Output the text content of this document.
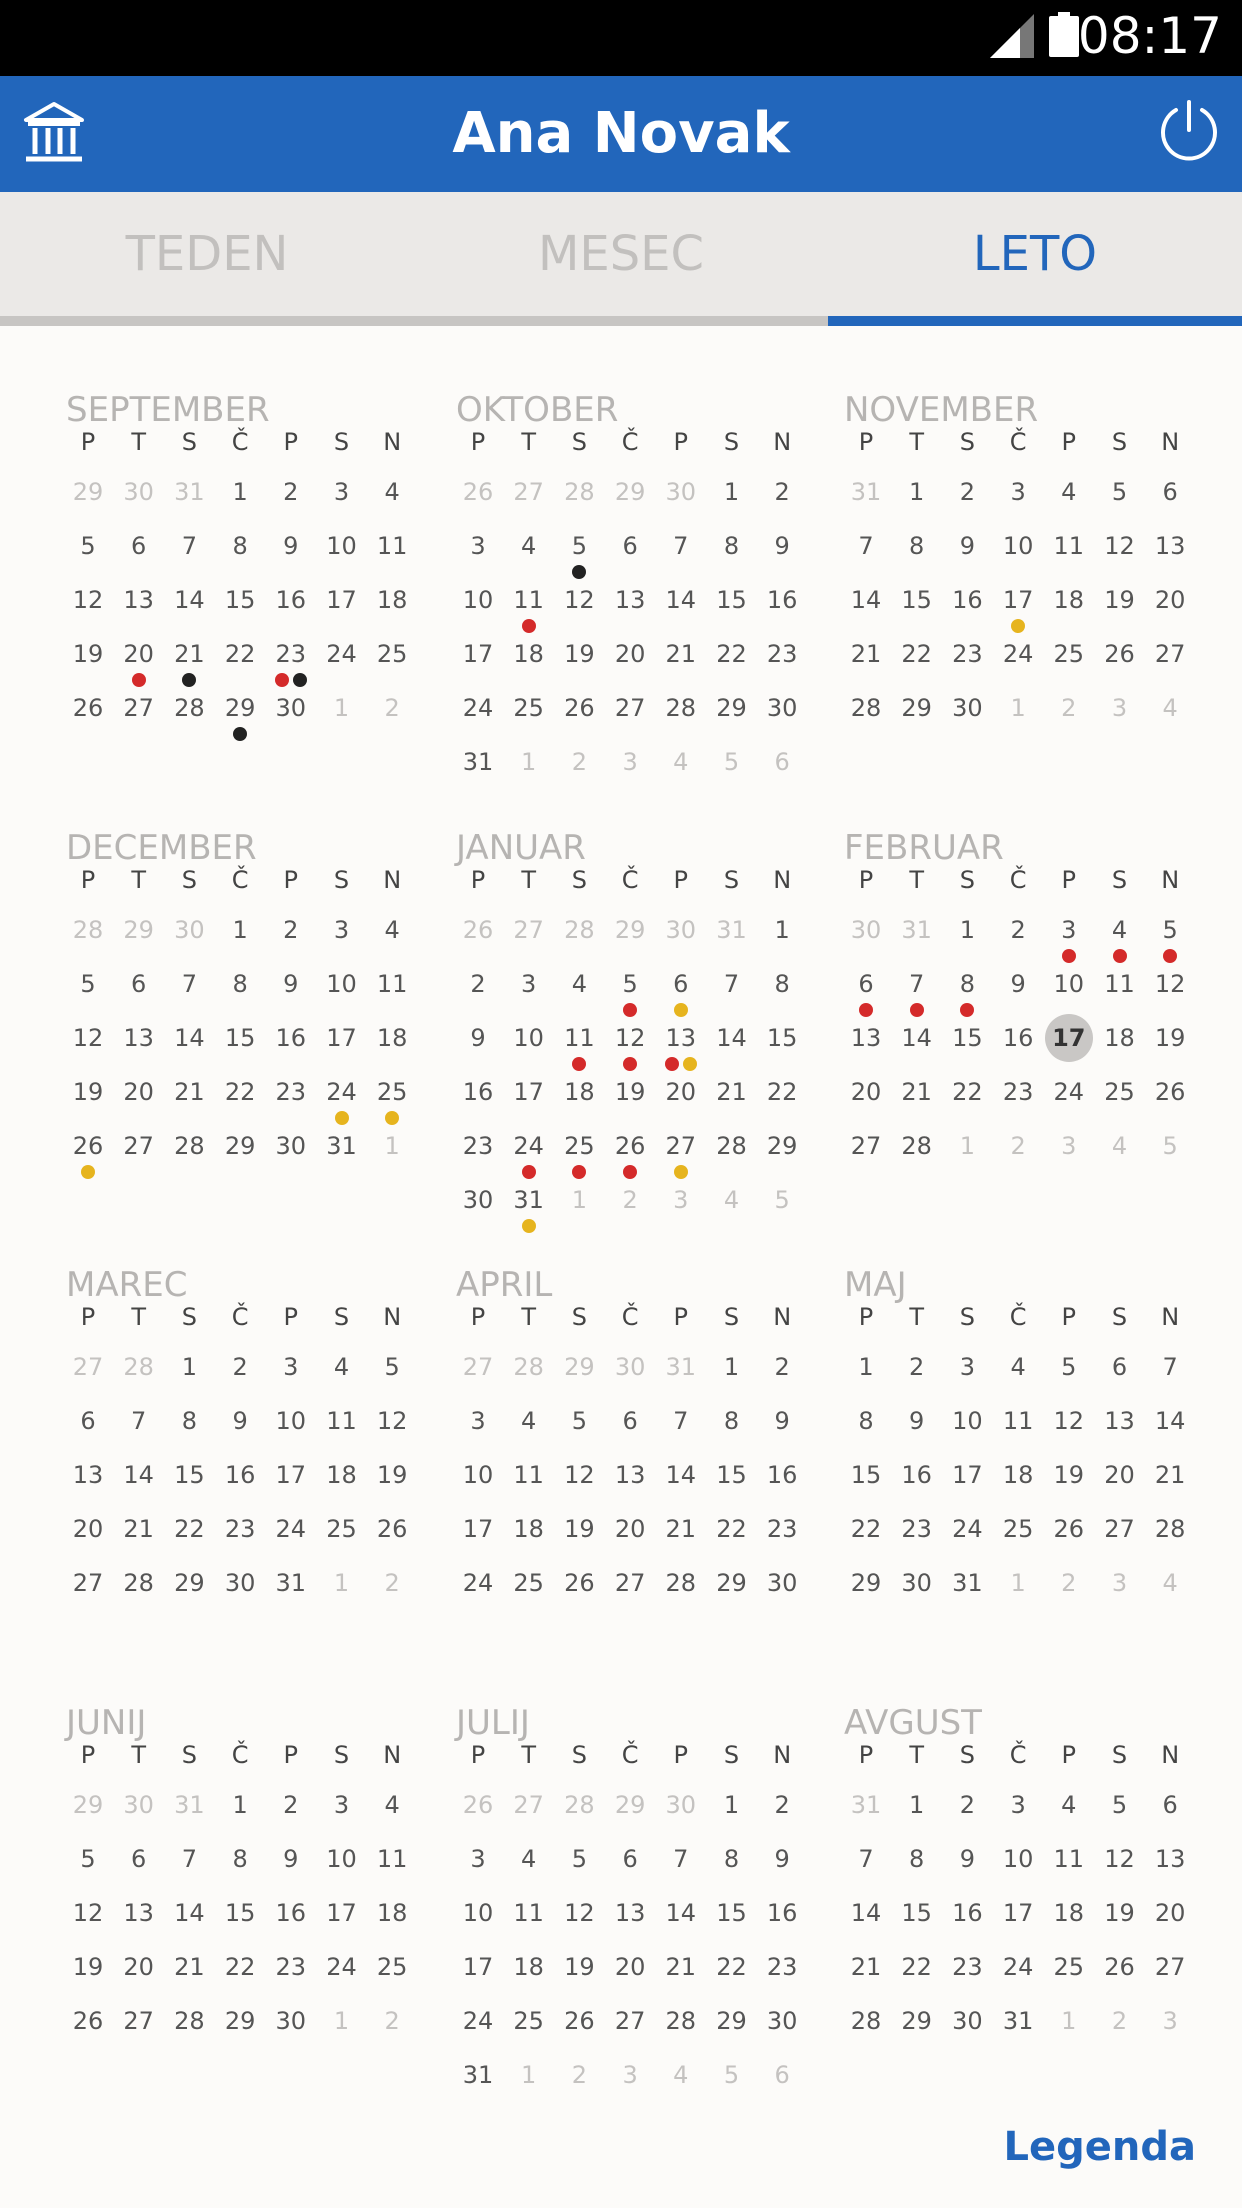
08:17
Ana Novak
TEDEN	MESEC	LETO
SEPTEMBER
P	T	S	Č	P	S	N
29 30 31	1	2	3	4
5	6	7	8	9	10 11
12 13 14 15 16 17 18
19 20 21 22 23 24 25
26 27 28 29 30	1	2
OKTOBER
P	T	S	Č	P	S	N
26 27 28 29 30	1	2
3	4	5	6	7	8	9
10 11 12 13 14 15 16
17 18 19 20 21 22 23
24 25 26 27 28 29 30
31	1	2	3	4	5	6
NOVEMBER
P	T	S	Č	P	S	N
31	1	2	3	4	5	6
7	8	9	10 11 12 13
14 15 16 17 18 19 20
21 22 23 24 25 26 27
28 29 30	1	2	3	4
DECEMBER
P	T	S	Č	P	S	N
28 29 30	1	2	3	4
5	6	7	8	9	10 11
12 13 14 15 16 17 18
19 20 21 22 23 24 25
26 27 28 29 30 31	1
JANUAR
P	T	S	Č	P	S	N
26 27 28 29 30 31	1
2	3	4	5	6	7	8
9	10 11 12 13 14 15
16 17 18 19 20 21 22
23 24 25 26 27 28 29
30 31	1	2	3	4	5
FEBRUAR
P	T	S	Č	P	S	N
30 31	1	2	3	4	5
6	7	8	9	10 11 12
13 14 15 16 17 18 19
20 21 22 23 24 25 26
27 28	1	2	3	4	5
MAREC
P	T	S	Č	P	S	N
27 28	1	2	3	4	5
6	7	8	9	10 11 12
13 14 15 16 17 18 19
20 21 22 23 24 25 26
27 28 29 30 31	1	2
APRIL
P	T	S	Č	P	S	N
27 28 29 30 31	1	2
3	4	5	6	7	8	9
10 11 12 13 14 15 16
17 18 19 20 21 22 23
24 25 26 27 28 29 30
MAJ
P	T	S	Č	P	S	N
1	2	3	4	5	6	7
8	9	10 11 12 13 14
15 16 17 18 19 20 21
22 23 24 25 26 27 28
29 30 31	1	2	3	4
JUNIJ
P	T	S	Č	P	S	N
29 30 31	1	2	3	4
5	6	7	8	9	10 11
12 13 14 15 16 17 18
19 20 21 22 23 24 25
26 27 28 29 30	1	2
JULIJ
P	T	S	Č	P	S	N
26 27 28 29 30	1	2
3	4	5	6	7	8	9
10 11 12 13 14 15 16
17 18 19 20 21 22 23
24 25 26 27 28 29 30
31	1	2	3	4	5	6
AVGUST
P	T	S	Č	P	S	N
31	1	2	3	4	5	6
7	8	9	10 11 12 13
14 15 16 17 18 19 20
21 22 23 24 25 26 27
28 29 30 31	1	2	3
Legenda
